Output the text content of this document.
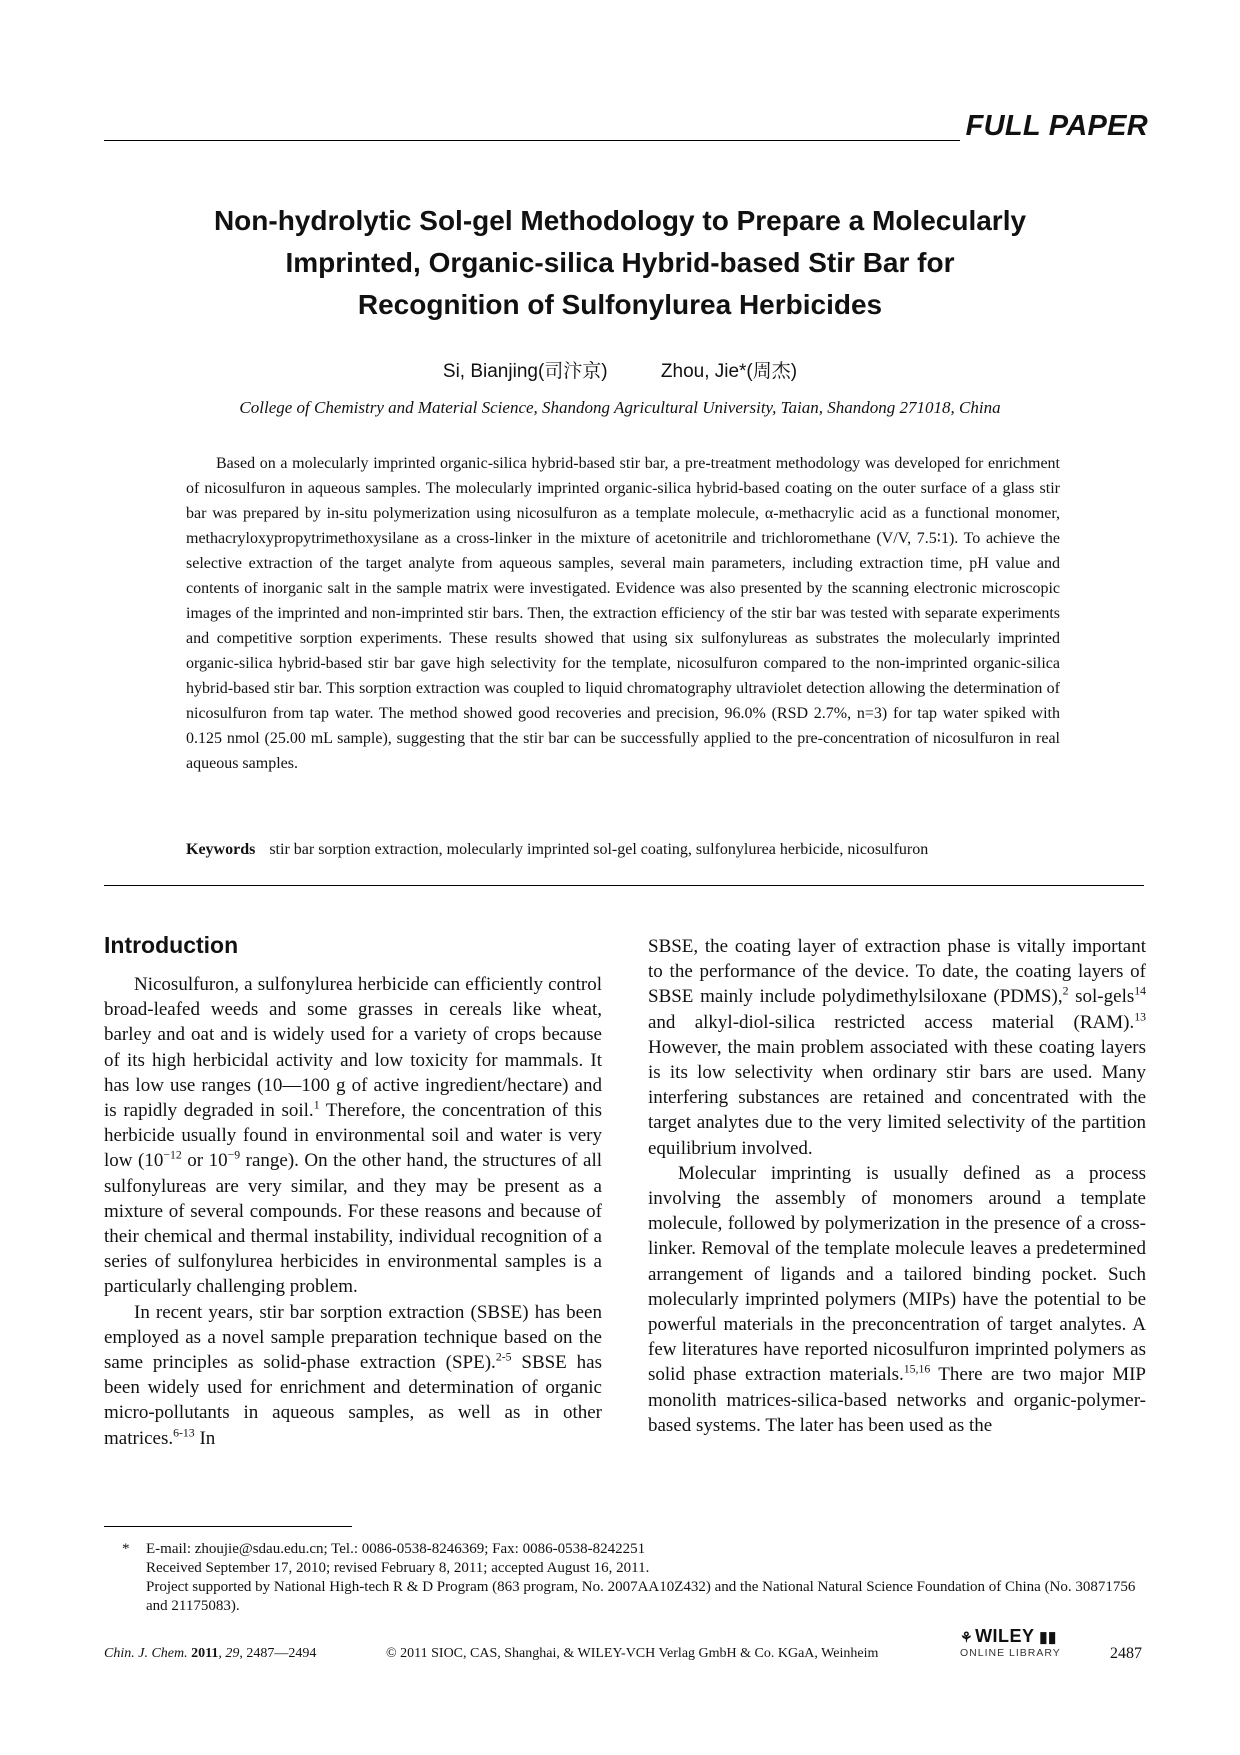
FULL PAPER
Non-hydrolytic Sol-gel Methodology to Prepare a Molecularly
Imprinted, Organic-silica Hybrid-based Stir Bar for
Recognition of Sulfonylurea Herbicides
Si, Bianjing(司汴京)	Zhou, Jie*(周杰)
College of Chemistry and Material Science, Shandong Agricultural University, Taian, Shandong 271018, China

Based on a molecularly imprinted organic-silica hybrid-based stir bar, a pre-treatment methodology was developed for enrichment of nicosulfuron in aqueous samples. The molecularly imprinted organic-silica hybrid-based coating on the outer surface of a glass stir bar was prepared by in-situ polymerization using nicosulfuron as a template molecule, α-methacrylic acid as a functional monomer, methacryloxypropytrimethoxysilane as a cross-linker in the mixture of acetonitrile and trichloromethane (V/V, 7.5∶1). To achieve the selective extraction of the target analyte from aqueous samples, several main parameters, including extraction time, pH value and contents of inorganic salt in the sample matrix were investigated. Evidence was also presented by the scanning electronic microscopic images of the imprinted and non-imprinted stir bars. Then, the extraction efficiency of the stir bar was tested with separate experiments and competitive sorption experiments. These results showed that using six sulfonylureas as substrates the molecularly imprinted organic-silica hybrid-based stir bar gave high selectivity for the template, nicosulfuron compared to the non-imprinted organic-silica hybrid-based stir bar. This sorption extraction was coupled to liquid chromatography ultraviolet detection allowing the determination of nicosulfuron from tap water. The method showed good recoveries and precision, 96.0% (RSD 2.7%, n=3) for tap water spiked with 0.125 nmol (25.00 mL sample), suggesting that the stir bar can be successfully applied to the pre-concentration of nicosulfuron in real aqueous samples.

Keywords stir bar sorption extraction, molecularly imprinted sol-gel coating, sulfonylurea herbicide, nicosulfuron
Introduction

Nicosulfuron, a sulfonylurea herbicide can efficiently control broad-leafed weeds and some grasses in cereals like wheat, barley and oat and is widely used for a variety of crops because of its high herbicidal activity and low toxicity for mammals. It has low use ranges (10—100 g of active ingredient/hectare) and is rapidly degraded in soil.$^1$ Therefore, the concentration of this herbicide usually found in environmental soil and water is very low ($10^{-12}$ or $10^{-9}$ range). On the other hand, the structures of all sulfonylureas are very similar, and they may be present as a mixture of several compounds. For these reasons and because of their chemical and thermal instability, individual recognition of a series of sulfonylurea herbicides in environmental samples is a particularly challenging problem.

In recent years, stir bar sorption extraction (SBSE) has been employed as a novel sample preparation technique based on the same principles as solid-phase extraction (SPE).$^{2-5}$ SBSE has been widely used for enrichment and determination of organic micro-pollutants in aqueous samples, as well as in other matrices.$^{6-13}$ In

SBSE, the coating layer of extraction phase is vitally important to the performance of the device. To date, the coating layers of SBSE mainly include polydimethylsiloxane (PDMS),$^2$ sol-gels$^{14}$ and alkyl-diol-silica restricted access material (RAM).$^{13}$ However, the main problem associated with these coating layers is its low selectivity when ordinary stir bars are used. Many interfering substances are retained and concentrated with the target analytes due to the very limited selectivity of the partition equilibrium involved.

Molecular imprinting is usually defined as a process involving the assembly of monomers around a template molecule, followed by polymerization in the presence of a cross-linker. Removal of the template molecule leaves a predetermined arrangement of ligands and a tailored binding pocket. Such molecularly imprinted polymers (MIPs) have the potential to be powerful materials in the preconcentration of target analytes. A few literatures have reported nicosulfuron imprinted polymers as solid phase extraction materials.$^{15,16}$ There are two major MIP monolith matrices-silica-based networks and organic-polymer-based systems. The later has been used as the

* E-mail: zhoujie@sdau.edu.cn; Tel.: 0086-0538-8246369; Fax: 0086-0538-8242251
Received September 17, 2010; revised February 8, 2011; accepted August 16, 2011.
Project supported by National High-tech R & D Program (863 program, No. 2007AA10Z432) and the National Natural Science Foundation of China (No. 30871756 and 21175083).
Chin. J. Chem. 2011, 29, 2487—2494	© 2011 SIOC, CAS, Shanghai, & WILEY-VCH Verlag GmbH & Co. KGaA, Weinheim
⚘ WILEY ▮▮
ONLINE LIBRARY	2487
